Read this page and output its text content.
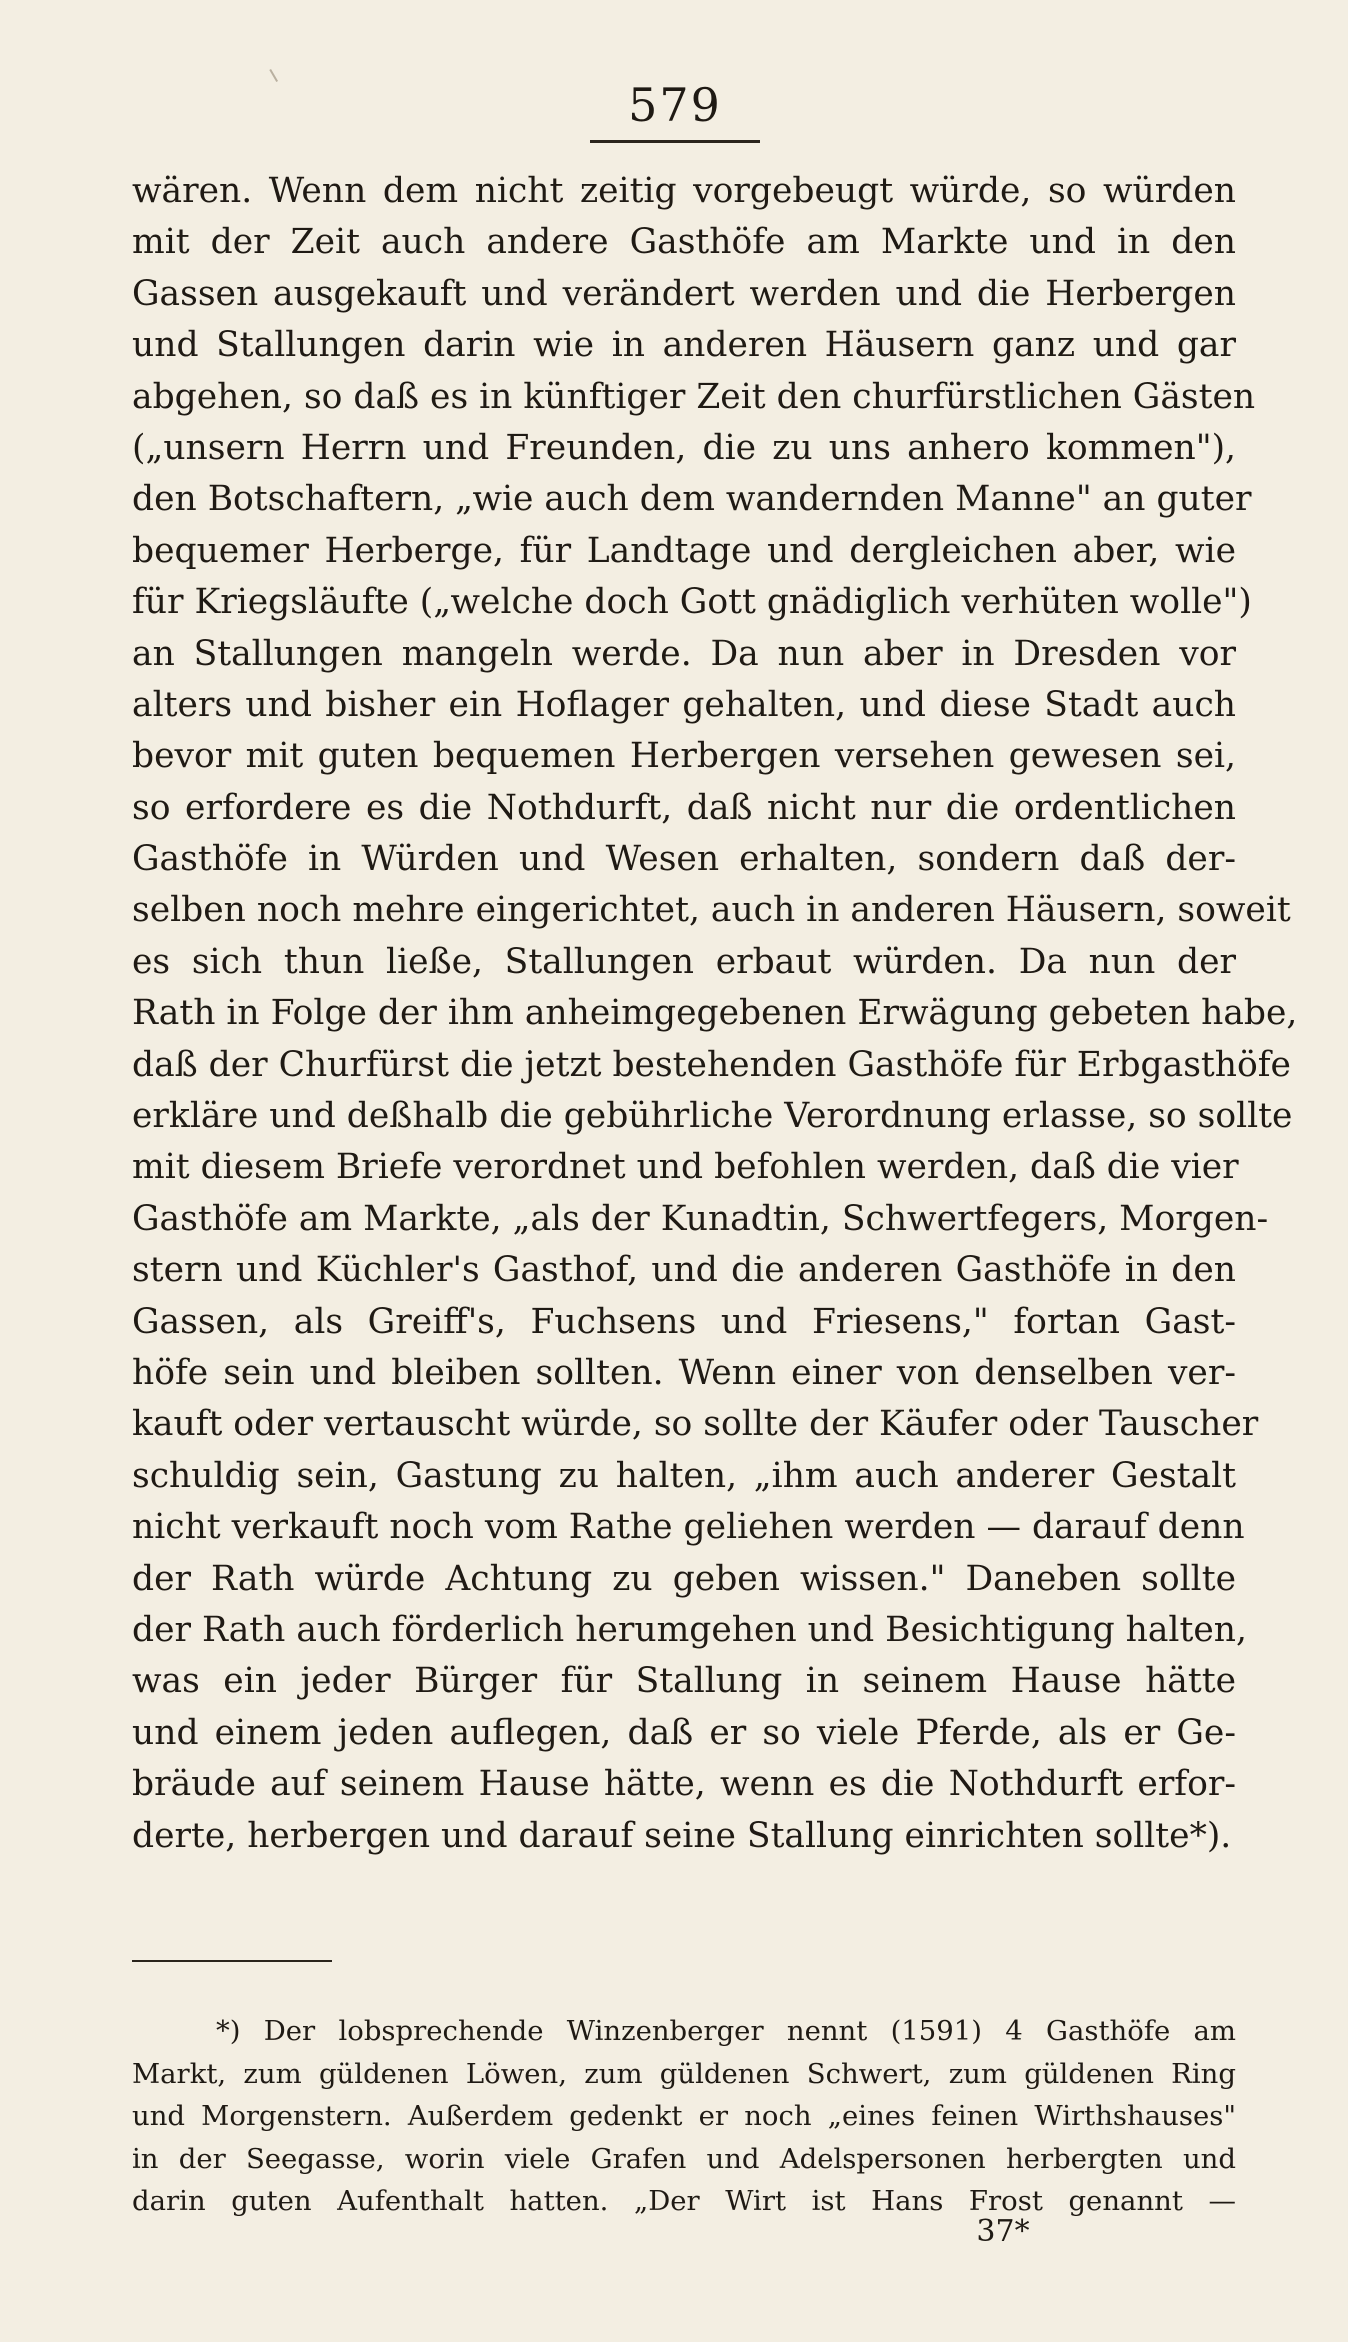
579
wären. Wenn dem nicht zeitig vorgebeugt würde, so würden
mit der Zeit auch andere Gasthöfe am Markte und in den
Gassen ausgekauft und verändert werden und die Herbergen
und Stallungen darin wie in anderen Häusern ganz und gar
abgehen, so daß es in künftiger Zeit den churfürstlichen Gästen
(„unsern Herrn und Freunden, die zu uns anhero kommen"),
den Botschaftern, „wie auch dem wandernden Manne" an guter
bequemer Herberge, für Landtage und dergleichen aber, wie
für Kriegsläufte („welche doch Gott gnädiglich verhüten wolle")
an Stallungen mangeln werde. Da nun aber in Dresden vor
alters und bisher ein Hoflager gehalten, und diese Stadt auch
bevor mit guten bequemen Herbergen versehen gewesen sei,
so erfordere es die Nothdurft, daß nicht nur die ordentlichen
Gasthöfe in Würden und Wesen erhalten, sondern daß der-
selben noch mehre eingerichtet, auch in anderen Häusern, soweit
es sich thun ließe, Stallungen erbaut würden. Da nun der
Rath in Folge der ihm anheimgegebenen Erwägung gebeten habe,
daß der Churfürst die jetzt bestehenden Gasthöfe für Erbgasthöfe
erkläre und deßhalb die gebührliche Verordnung erlasse, so sollte
mit diesem Briefe verordnet und befohlen werden, daß die vier
Gasthöfe am Markte, „als der Kunadtin, Schwertfegers, Morgen-
stern und Küchler's Gasthof, und die anderen Gasthöfe in den
Gassen, als Greiff's, Fuchsens und Friesens," fortan Gast-
höfe sein und bleiben sollten. Wenn einer von denselben ver-
kauft oder vertauscht würde, so sollte der Käufer oder Tauscher
schuldig sein, Gastung zu halten, „ihm auch anderer Gestalt
nicht verkauft noch vom Rathe geliehen werden — darauf denn
der Rath würde Achtung zu geben wissen." Daneben sollte
der Rath auch förderlich herumgehen und Besichtigung halten,
was ein jeder Bürger für Stallung in seinem Hause hätte
und einem jeden auflegen, daß er so viele Pferde, als er Ge-
bräude auf seinem Hause hätte, wenn es die Nothdurft erfor-
derte, herbergen und darauf seine Stallung einrichten sollte*).
*) Der lobsprechende Winzenberger nennt (1591) 4 Gasthöfe am
Markt, zum güldenen Löwen, zum güldenen Schwert, zum güldenen Ring
und Morgenstern. Außerdem gedenkt er noch „eines feinen Wirthshauses"
in der Seegasse, worin viele Grafen und Adelspersonen herbergten und
darin guten Aufenthalt hatten. „Der Wirt ist Hans Frost genannt —
37*
